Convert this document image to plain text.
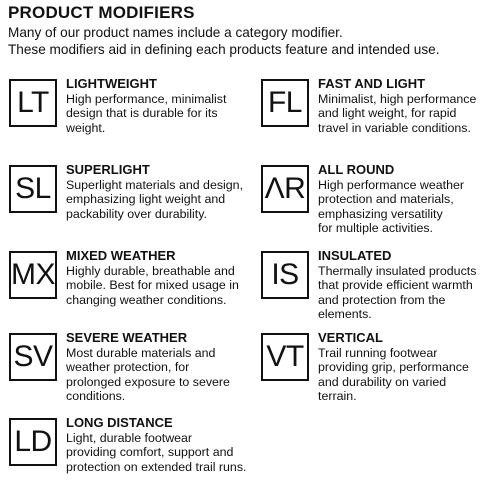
PRODUCT MODIFIERS
Many of our product names include a category modifier.
These modifiers aid in defining each products feature and intended use.
LT
LIGHTWEIGHT
High performance, minimalist
design that is durable for its
weight.
FL
FAST AND LIGHT
Minimalist, high performance
and light weight, for rapid
travel in variable conditions.
SL
SUPERLIGHT
Superlight materials and design,
emphasizing light weight and
packability over durability.
ΛR
ALL ROUND
High performance weather
protection and materials,
emphasizing versatility
for multiple activities.
MX
MIXED WEATHER
Highly durable, breathable and
mobile. Best for mixed usage in
changing weather conditions.
IS
INSULATED
Thermally insulated products
that provide efficient warmth
and protection from the
elements.
SV
SEVERE WEATHER
Most durable materials and
weather protection, for
prolonged exposure to severe
conditions.
VT
VERTICAL
Trail running footwear
providing grip, performance
and durability on varied
terrain.
LD
LONG DISTANCE
Light, durable footwear
providing comfort, support and
protection on extended trail runs.
